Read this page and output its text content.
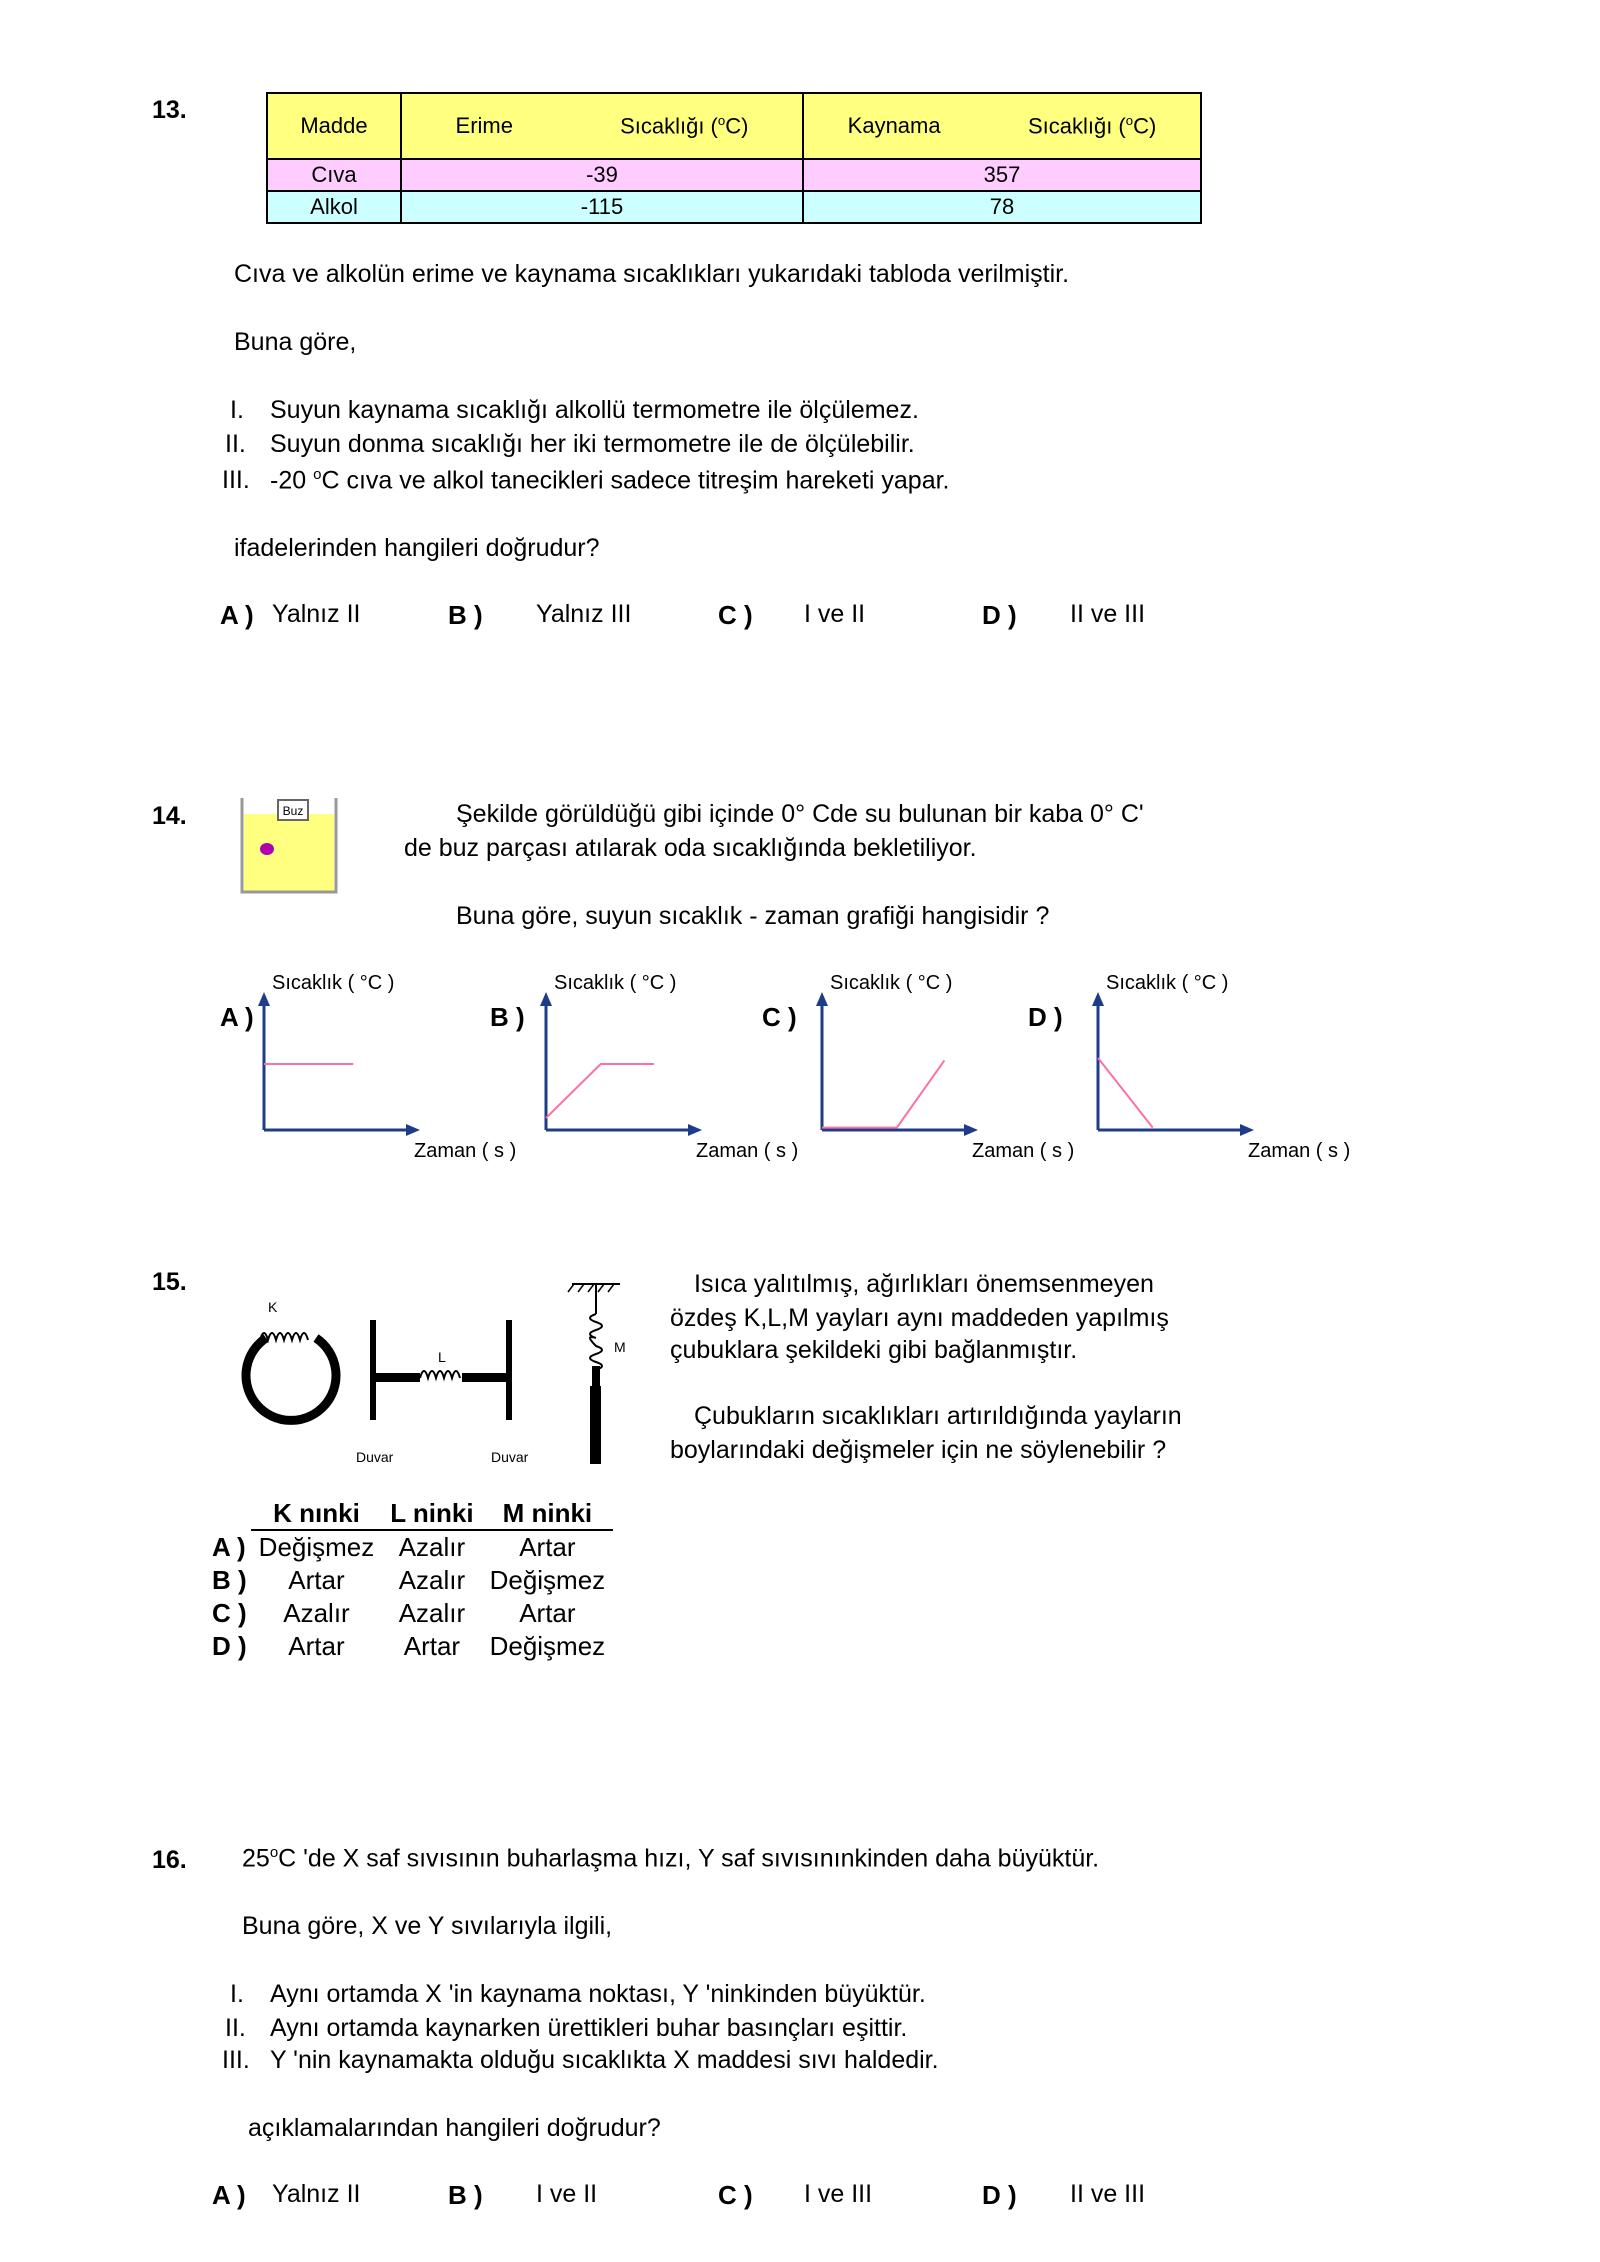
13.
Madde	Erime Sıcaklığı ($^o$C)	Kaynama Sıcaklığı ($^o$C)

Cıva	-39	357
Alkol	-115	78
Cıva ve alkolün erime ve kaynama sıcaklıkları yukarıdaki tabloda verilmiştir.
Buna göre,
I. Suyun kaynama sıcaklığı alkollü termometre ile ölçülemez.
II. Suyun donma sıcaklığı her iki termometre ile de ölçülebilir.
III. -20 $^o$C cıva ve alkol tanecikleri sadece titreşim hareketi yapar.
ifadelerinden hangileri doğrudur?
A ) Yalnız II	B ) Yalnız III	C ) I ve II	D ) II ve III
14.	Buz	Şekilde görüldüğü gibi içinde 0° Cde su bulunan bir kaba 0° C'
de buz parçası atılarak oda sıcaklığında bekletiliyor.
Buna göre, suyun sıcaklık - zaman grafiği hangisidir ?
A )
Sıcaklık ( °C )
Zaman ( s )
B )
Sıcaklık ( °C )
Zaman ( s )
C )
Sıcaklık ( °C )
Zaman ( s )
D )
Sıcaklık ( °C )
Zaman ( s )
15.
K
L
Duvar	Duvar
M
Isıca yalıtılmış, ağırlıkları önemsenmeyen
özdeş K,L,M yayları aynı maddeden yapılmış
çubuklara şekildeki gibi bağlanmıştır.
Çubukların sıcaklıkları artırıldığında yayların
boylarındaki değişmeler için ne söylenebilir ?
	K nınki	L ninki	M ninki
A )	Değişmez	Azalır	Artar
B )	Artar	Azalır	Değişmez
C )	Azalır	Azalır	Artar
D )	Artar	Artar	Değişmez
16. 25$^o$C 'de X saf sıvısının buharlaşma hızı, Y saf sıvısınınkinden daha büyüktür.
Buna göre, X ve Y sıvılarıyla ilgili,
I. Aynı ortamda X 'in kaynama noktası, Y 'ninkinden büyüktür.
II. Aynı ortamda kaynarken ürettikleri buhar basınçları eşittir.
III. Y 'nin kaynamakta olduğu sıcaklıkta X maddesi sıvı haldedir.
açıklamalarından hangileri doğrudur?
A ) Yalnız II	B ) I ve II	C ) I ve III	D ) II ve III
